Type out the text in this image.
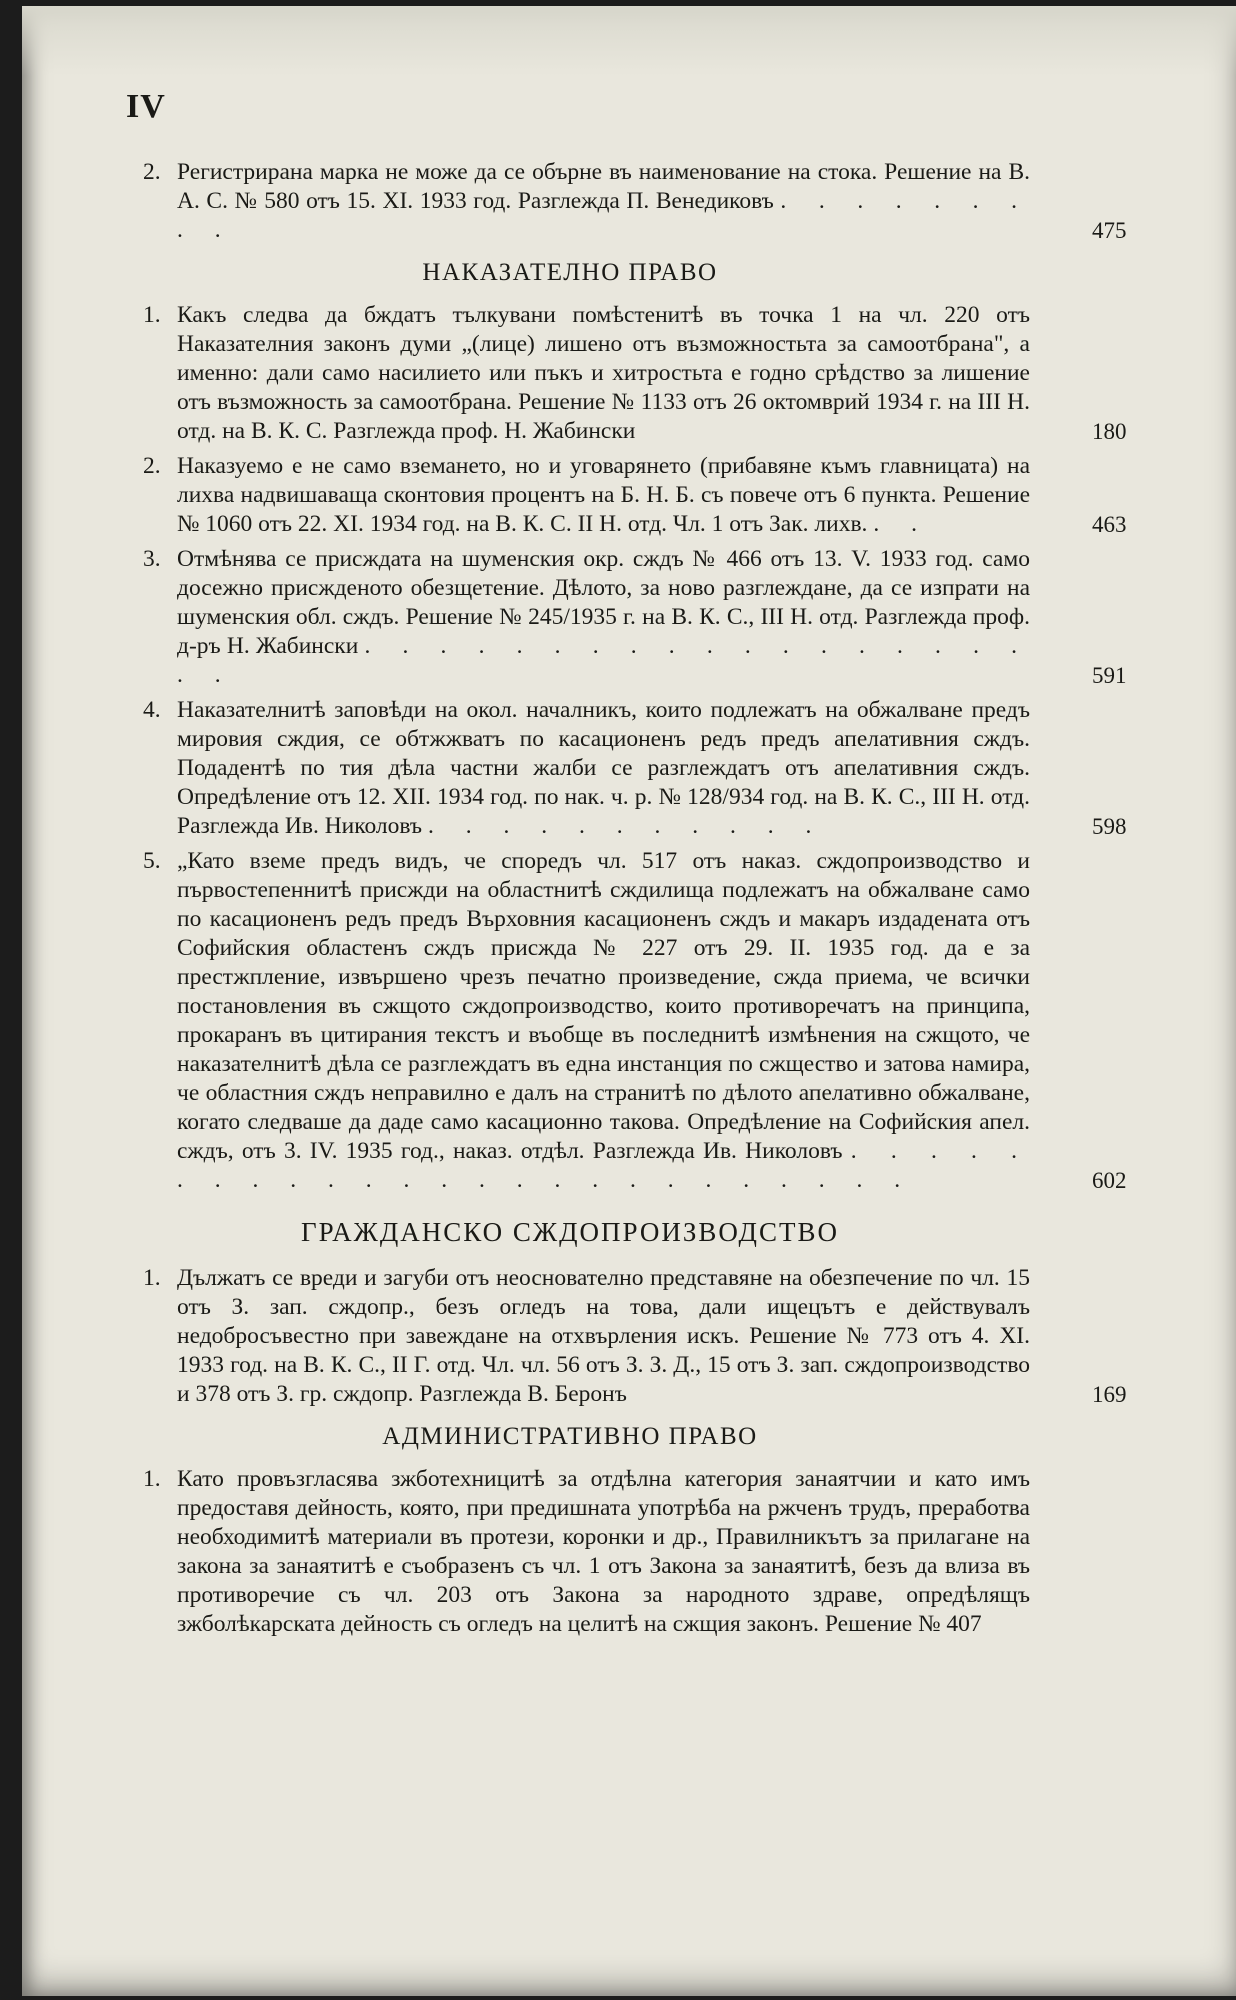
IV
2. Регистрирана марка не може да се обърне въ наименование на стока. Решение на В. А. С. № 580 отъ 15. XI. 1933 год. Разглежда П. Венедиковъ . . . . . . . . .	475
НАКАЗАТЕЛНО ПРАВО
1. Какъ следва да бждатъ тълкувани помѣстенитѣ въ точка 1 на чл. 220 отъ Наказателния законъ думи „(лице) лишено отъ възможностьта за самоотбрана", а именно: дали само насилието или пъкъ и хитростьта е годно срѣдство за лишение отъ възможность за самоотбрана. Решение № 1133 отъ 26 октомврий 1934 г. на III Н. отд. на В. К. С. Разглежда проф. Н. Жабински	180
2. Наказуемо е не само вземането, но и уговарянето (прибавяне къмъ главницата) на лихва надвишаваща сконтовия процентъ на Б. Н. Б. съ повече отъ 6 пункта. Решение № 1060 отъ 22. XI. 1934 год. на В. К. С. II Н. отд. Чл. 1 отъ Зак. лихв. . .	463
3. Отмѣнява се присждата на шуменския окр. сждъ № 466 отъ 13. V. 1933 год. само досежно присжденото обезщетение. Дѣлото, за ново разглеждане, да се изпрати на шуменския обл. сждъ. Решение № 245/1935 г. на В. К. С., III Н. отд. Разглежда проф. д-ръ Н. Жабински . . . . . . . . . . . . . . . . . . . .	591
4. Наказателнитѣ заповѣди на окол. началникъ, които подлежатъ на обжалване предъ мировия сждия, се обтжжватъ по касационенъ редъ предъ апелативния сждъ. Подадентѣ по тия дѣла частни жалби се разглеждатъ отъ апелативния сждъ. Опредѣление отъ 12. XII. 1934 год. по нак. ч. р. № 128/934 год. на В. К. С., III Н. отд. Разглежда Ив. Николовъ . . . . . . . . . . .	598
5. „Като вземе предъ видъ, че споредъ чл. 517 отъ наказ. сждопроизводство и първостепеннитѣ присжди на областнитѣ сждилища подлежатъ на обжалване само по касационенъ редъ предъ Върховния касационенъ сждъ и макаръ издадената отъ Софийския областенъ сждъ присжда № 227 отъ 29. II. 1935 год. да е за престжпление, извършено чрезъ печатно произведение, сжда приема, че всички постановления въ сжщото сждопроизводство, които противоречатъ на принципа, прокаранъ въ цитирания текстъ и въобще въ последнитѣ измѣнения на сжщото, че наказателнитѣ дѣла се разглеждатъ въ една инстанция по сжщество и затова намира, че областния сждъ неправилно е далъ на странитѣ по дѣлото апелативно обжалване, когато следваше да даде само касационно такова. Опредѣление на Софийския апел. сждъ, отъ 3. IV. 1935 год., наказ. отдѣл. Разглежда Ив. Николовъ . . . . . . . . . . . . . . . . . . . . . . . . .	602
ГРАЖДАНСКО СЖДОПРОИЗВОДСТВО
1. Дължатъ се вреди и загуби отъ неоснователно представяне на обезпечение по чл. 15 отъ З. зап. сждопр., безъ огледъ на това, дали ищецътъ е действувалъ недобросъвестно при завеждане на отхвърления искъ. Решение № 773 отъ 4. XI. 1933 год. на В. К. С., II Г. отд. Чл. чл. 56 отъ З. З. Д., 15 отъ З. зап. сждопроизводство и 378 отъ З. гр. сждопр. Разглежда В. Беронъ	169
АДМИНИСТРАТИВНО ПРАВО
1. Като провъзгласява зжботехницитѣ за отдѣлна категория занаятчии и като имъ предоставя дейность, която, при предишната употрѣба на ржченъ трудъ, преработва необходимитѣ материали въ протези, коронки и др., Правилникътъ за прилагане на закона за занаятитѣ е съобразенъ съ чл. 1 отъ Закона за занаятитѣ, безъ да влиза въ противоречие съ чл. 203 отъ Закона за народното здраве, опредѣлящъ зжболѣкарската дейность съ огледъ на целитѣ на сжщия законъ. Решение № 407
